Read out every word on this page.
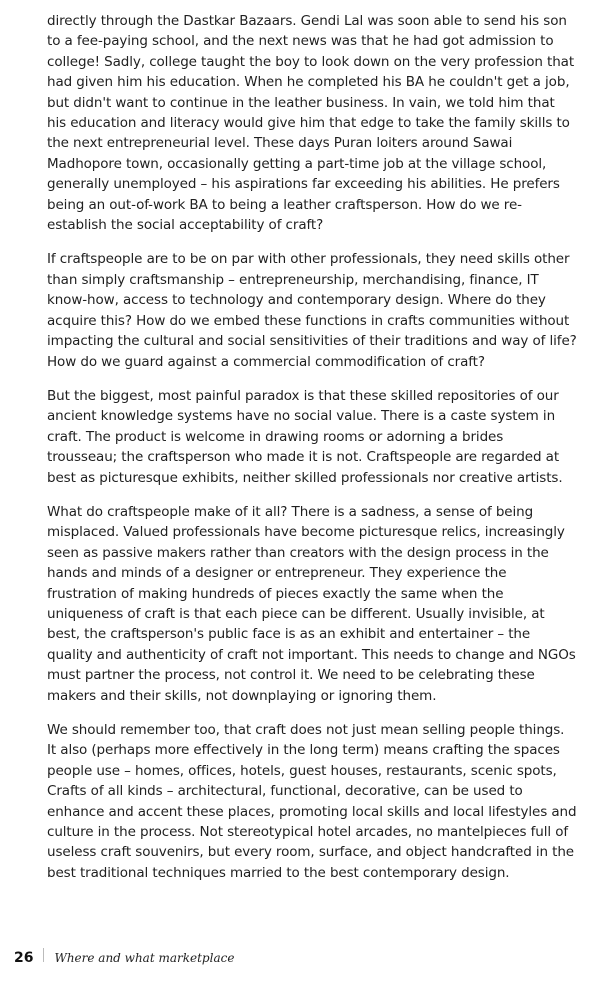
directly through the Dastkar Bazaars. Gendi Lal was soon able to send his son to a fee-paying school, and the next news was that he had got admission to college! Sadly, college taught the boy to look down on the very profession that had given him his education. When he completed his BA he couldn't get a job, but didn't want to continue in the leather business. In vain, we told him that his education and literacy would give him that edge to take the family skills to the next entrepreneurial level. These days Puran loiters around Sawai Madhopore town, occasionally getting a part-time job at the village school, generally unemployed – his aspirations far exceeding his abilities. He prefers being an out-of-work BA to being a leather craftsperson. How do we re-establish the social acceptability of craft?

If craftspeople are to be on par with other professionals, they need skills other than simply craftsmanship – entrepreneurship, merchandising, finance, IT know-how, access to technology and contemporary design. Where do they acquire this? How do we embed these functions in crafts communities without impacting the cultural and social sensitivities of their traditions and way of life? How do we guard against a commercial commodification of craft?

But the biggest, most painful paradox is that these skilled repositories of our ancient knowledge systems have no social value. There is a caste system in craft. The product is welcome in drawing rooms or adorning a brides trousseau; the craftsperson who made it is not. Craftspeople are regarded at best as picturesque exhibits, neither skilled professionals nor creative artists.

What do craftspeople make of it all? There is a sadness, a sense of being misplaced. Valued professionals have become picturesque relics, increasingly seen as passive makers rather than creators with the design process in the hands and minds of a designer or entrepreneur. They experience the frustration of making hundreds of pieces exactly the same when the uniqueness of craft is that each piece can be different. Usually invisible, at best, the craftsperson's public face is as an exhibit and entertainer – the quality and authenticity of craft not important. This needs to change and NGOs must partner the process, not control it. We need to be celebrating these makers and their skills, not downplaying or ignoring them.

We should remember too, that craft does not just mean selling people things. It also (perhaps more effectively in the long term) means crafting the spaces people use – homes, offices, hotels, guest houses, restaurants, scenic spots, Crafts of all kinds – architectural, functional, decorative, can be used to enhance and accent these places, promoting local skills and local lifestyles and culture in the process. Not stereotypical hotel arcades, no mantelpieces full of useless craft souvenirs, but every room, surface, and object handcrafted in the best traditional techniques married to the best contemporary design.

26 Where and what marketplace
